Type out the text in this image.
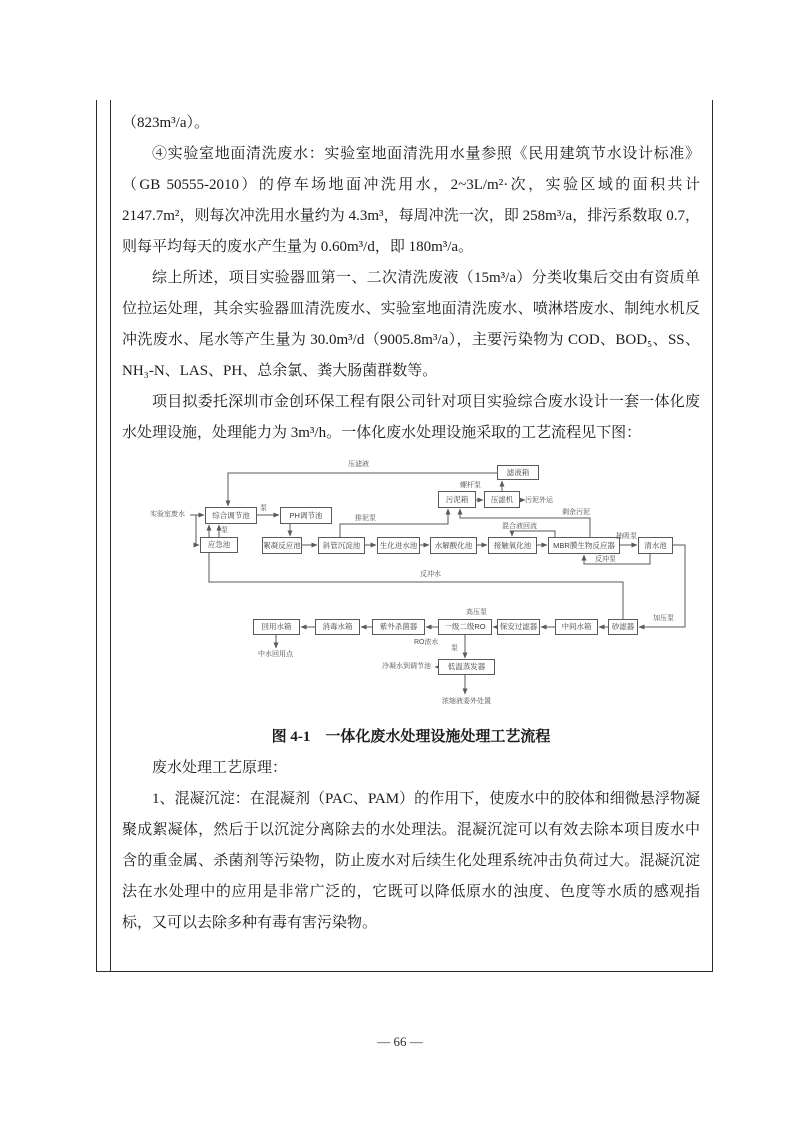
（823m³/a）。

④实验室地面清洗废水：实验室地面清洗用水量参照《民用建筑节水设计标准》（GB 50555-2010）的停车场地面冲洗用水，2~3L/m²·次，实验区域的面积共计 2147.7m²，则每次冲洗用水量约为 4.3m³，每周冲洗一次，即 258m³/a，排污系数取 0.7，则每平均每天的废水产生量为 0.60m³/d，即 180m³/a。

综上所述，项目实验器皿第一、二次清洗废液（15m³/a）分类收集后交由有资质单位拉运处理，其余实验器皿清洗废水、实验室地面清洗废水、喷淋塔废水、制纯水机反冲洗废水、尾水等产生量为 30.0m³/d（9005.8m³/a），主要污染物为 COD、BOD₅、SS、NH₃-N、LAS、PH、总余氯、粪大肠菌群数等。

项目拟委托深圳市金创环保工程有限公司针对项目实验综合废水设计一套一体化废水处理设施，处理能力为 3m³/h。一体化废水处理设施采取的工艺流程见下图：

滤液箱
污泥箱	压滤机
综合调节池	PH调节池
应急池	絮凝反应池	斜管沉淀池	生化进水池	水解酸化池	接触氧化池	MBR膜生物反应器	清水池
回用水箱	消毒水箱	紫外杀菌器	一级二级RO	保安过滤器	中间水箱	砂滤器
低温蒸发器
实验室废水
污泥外运
中水回用点
冷凝水到调节池
浓缩液委外处置
泵
泵
泵
压滤液
螺杆泵
排泥泵
剩余污泥
混合液回流
抽吸泵
反冲泵
反冲水
高压泵
加压泵
RO浓水

图 4-1　一体化废水处理设施处理工艺流程

废水处理工艺原理：

1、混凝沉淀：在混凝剂（PAC、PAM）的作用下，使废水中的胶体和细微悬浮物凝聚成絮凝体，然后于以沉淀分离除去的水处理法。混凝沉淀可以有效去除本项目废水中含的重金属、杀菌剂等污染物，防止废水对后续生化处理系统冲击负荷过大。混凝沉淀法在水处理中的应用是非常广泛的，它既可以降低原水的浊度、色度等水质的感观指标，又可以去除多种有毒有害污染物。

— 66 —
